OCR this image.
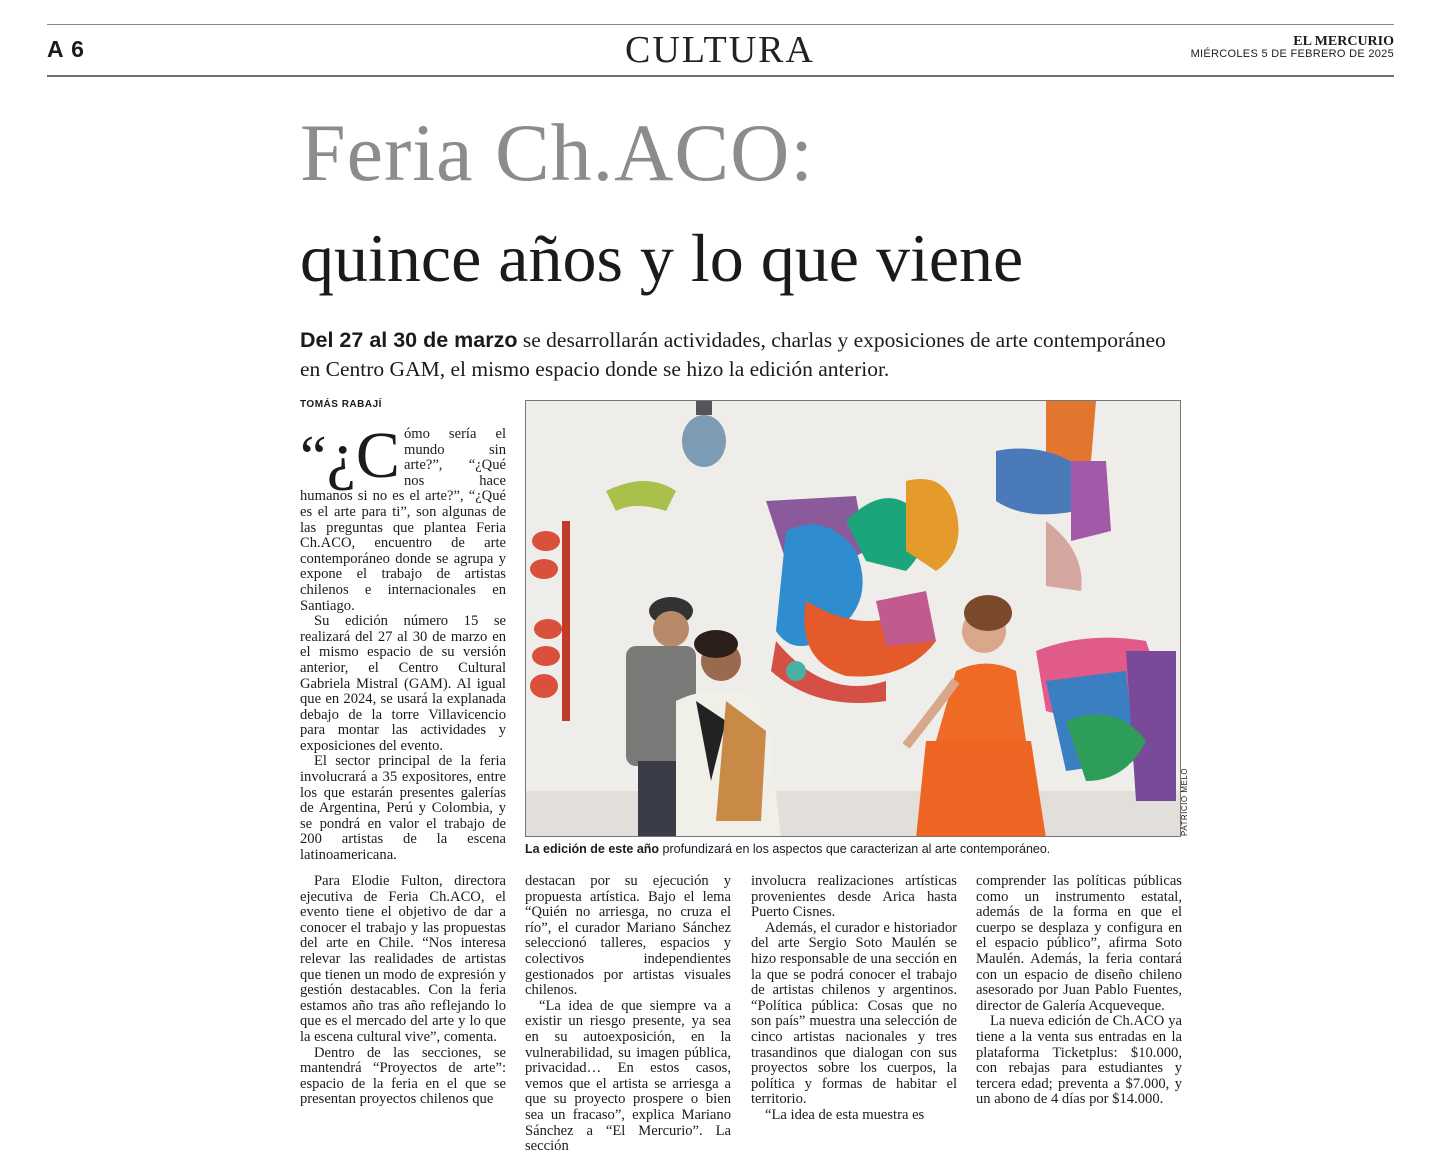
A 6	CULTURA	EL MERCURIO
MIÉRCOLES 5 DE FEBRERO DE 2025
Feria Ch.ACO:
quince años y lo que viene
Del 27 al 30 de marzo se desarrollarán actividades, charlas y exposiciones de arte contemporáneo en Centro GAM, el mismo espacio donde se hizo la edición anterior.
TOMÁS RABAJÍ

“¿C ómo sería el mundo sin arte?”, “¿Qué nos hace humanos si no es el arte?”, “¿Qué es el arte para ti”, son algunas de las preguntas que plantea Feria Ch.ACO, encuentro de arte contemporáneo donde se agrupa y expone el trabajo de artistas chilenos e internacionales en Santiago.

Su edición número 15 se realizará del 27 al 30 de marzo en el mismo espacio de su versión anterior, el Centro Cultural Gabriela Mistral (GAM). Al igual que en 2024, se usará la explanada debajo de la torre Villavicencio para montar las actividades y exposiciones del evento.

El sector principal de la feria involucrará a 35 expositores, entre los que estarán presentes galerías de Argentina, Perú y Colombia, y se pondrá en valor el trabajo de 200 artistas de la escena latinoamericana.

Para Elodie Fulton, directora ejecutiva de Feria Ch.ACO, el evento tiene el objetivo de dar a conocer el trabajo y las propuestas del arte en Chile. “Nos interesa relevar las realidades de artistas que tienen un modo de expresión y gestión destacables. Con la feria estamos año tras año reflejando lo que es el mercado del arte y lo que la escena cultural vive”, comenta.

Dentro de las secciones, se mantendrá “Proyectos de arte”: espacio de la feria en el que se presentan proyectos chilenos que

destacan por su ejecución y propuesta artística. Bajo el lema “Quién no arriesga, no cruza el río”, el curador Mariano Sánchez seleccionó talleres, espacios y colectivos independientes gestionados por artistas visuales chilenos.

“La idea de que siempre va a existir un riesgo presente, ya sea en su autoexposición, en la vulnerabilidad, su imagen pública, privacidad… En estos casos, vemos que el artista se arriesga a que su proyecto prospere o bien sea un fracaso”, explica Mariano Sánchez a “El Mercurio”. La sección

involucra realizaciones artísticas provenientes desde Arica hasta Puerto Cisnes.

Además, el curador e historiador del arte Sergio Soto Maulén se hizo responsable de una sección en la que se podrá conocer el trabajo de artistas chilenos y argentinos. “Política pública: Cosas que no son país” muestra una selección de cinco artistas nacionales y tres trasandinos que dialogan con sus proyectos sobre los cuerpos, la política y formas de habitar el territorio.

“La idea de esta muestra es

comprender las políticas públicas como un instrumento estatal, además de la forma en que el cuerpo se desplaza y configura en el espacio público”, afirma Soto Maulén. Además, la feria contará con un espacio de diseño chileno asesorado por Juan Pablo Fuentes, director de Galería Acqueveque.

La nueva edición de Ch.ACO ya tiene a la venta sus entradas en la plataforma Ticketplus: $10.000, con rebajas para estudiantes y tercera edad; preventa a $7.000, y un abono de 4 días por $14.000.

PATRICIO MELO
La edición de este año profundizará en los aspectos que caracterizan al arte contemporáneo.
